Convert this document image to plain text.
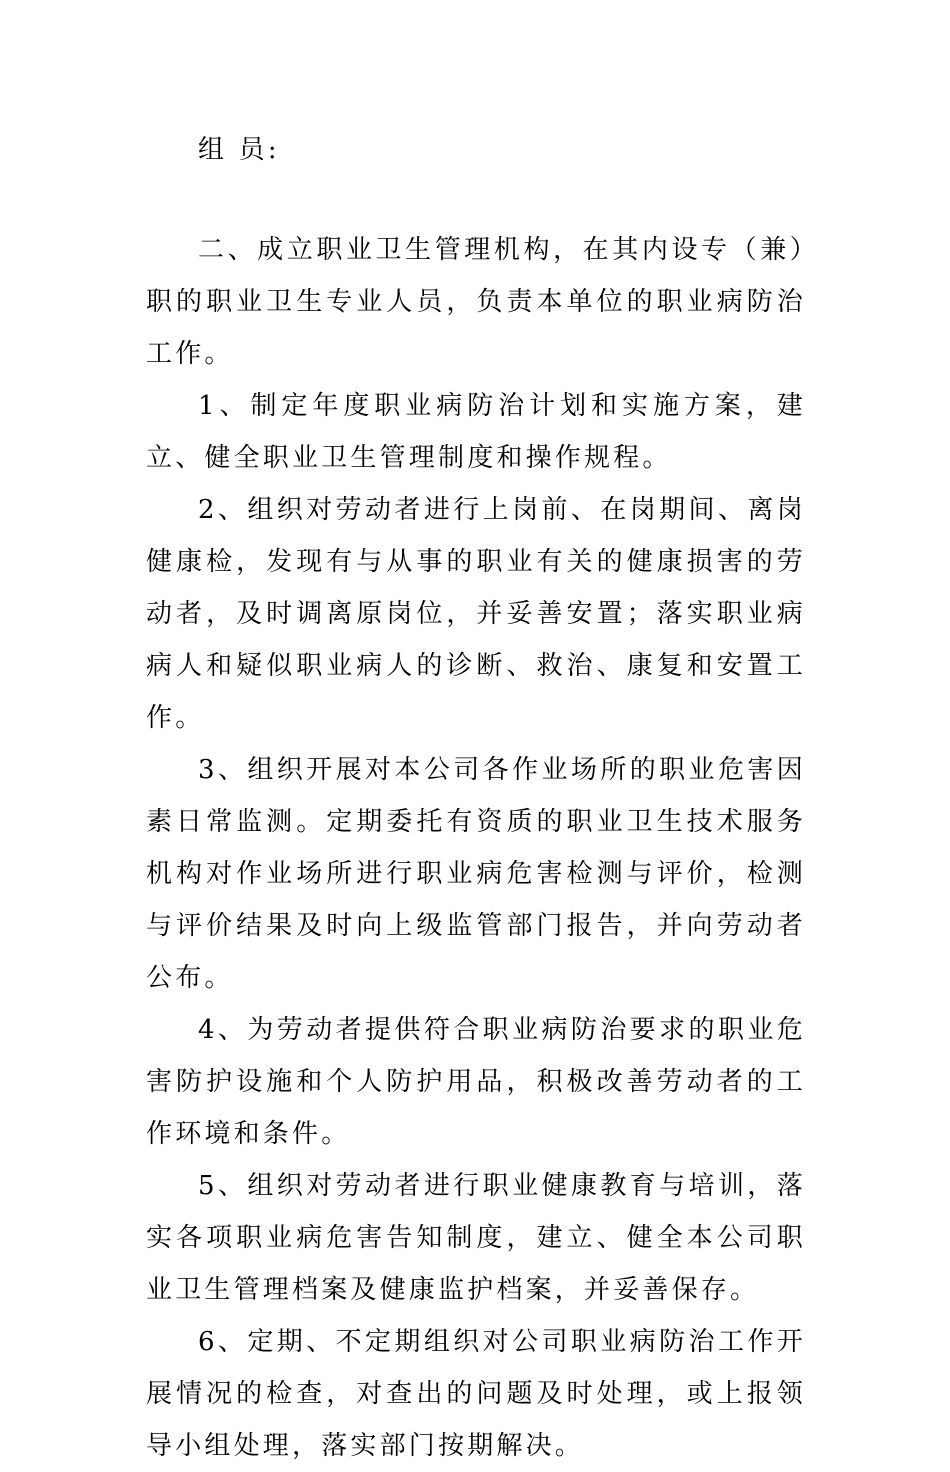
组 员:

二、成立职业卫生管理机构，在其内设专（兼）职的职业卫生专业人员，负责本单位的职业病防治工作。

1、制定年度职业病防治计划和实施方案，建立、健全职业卫生管理制度和操作规程。

2、组织对劳动者进行上岗前、在岗期间、离岗健康检，发现有与从事的职业有关的健康损害的劳动者，及时调离原岗位，并妥善安置；落实职业病病人和疑似职业病人的诊断、救治、康复和安置工作。

3、组织开展对本公司各作业场所的职业危害因素日常监测。定期委托有资质的职业卫生技术服务机构对作业场所进行职业病危害检测与评价，检测与评价结果及时向上级监管部门报告，并向劳动者公布。

4、为劳动者提供符合职业病防治要求的职业危害防护设施和个人防护用品，积极改善劳动者的工作环境和条件。

5、组织对劳动者进行职业健康教育与培训，落实各项职业病危害告知制度，建立、健全本公司职业卫生管理档案及健康监护档案，并妥善保存。

6、定期、不定期组织对公司职业病防治工作开展情况的检查，对查出的问题及时处理，或上报领导小组处理，落实部门按期解决。
